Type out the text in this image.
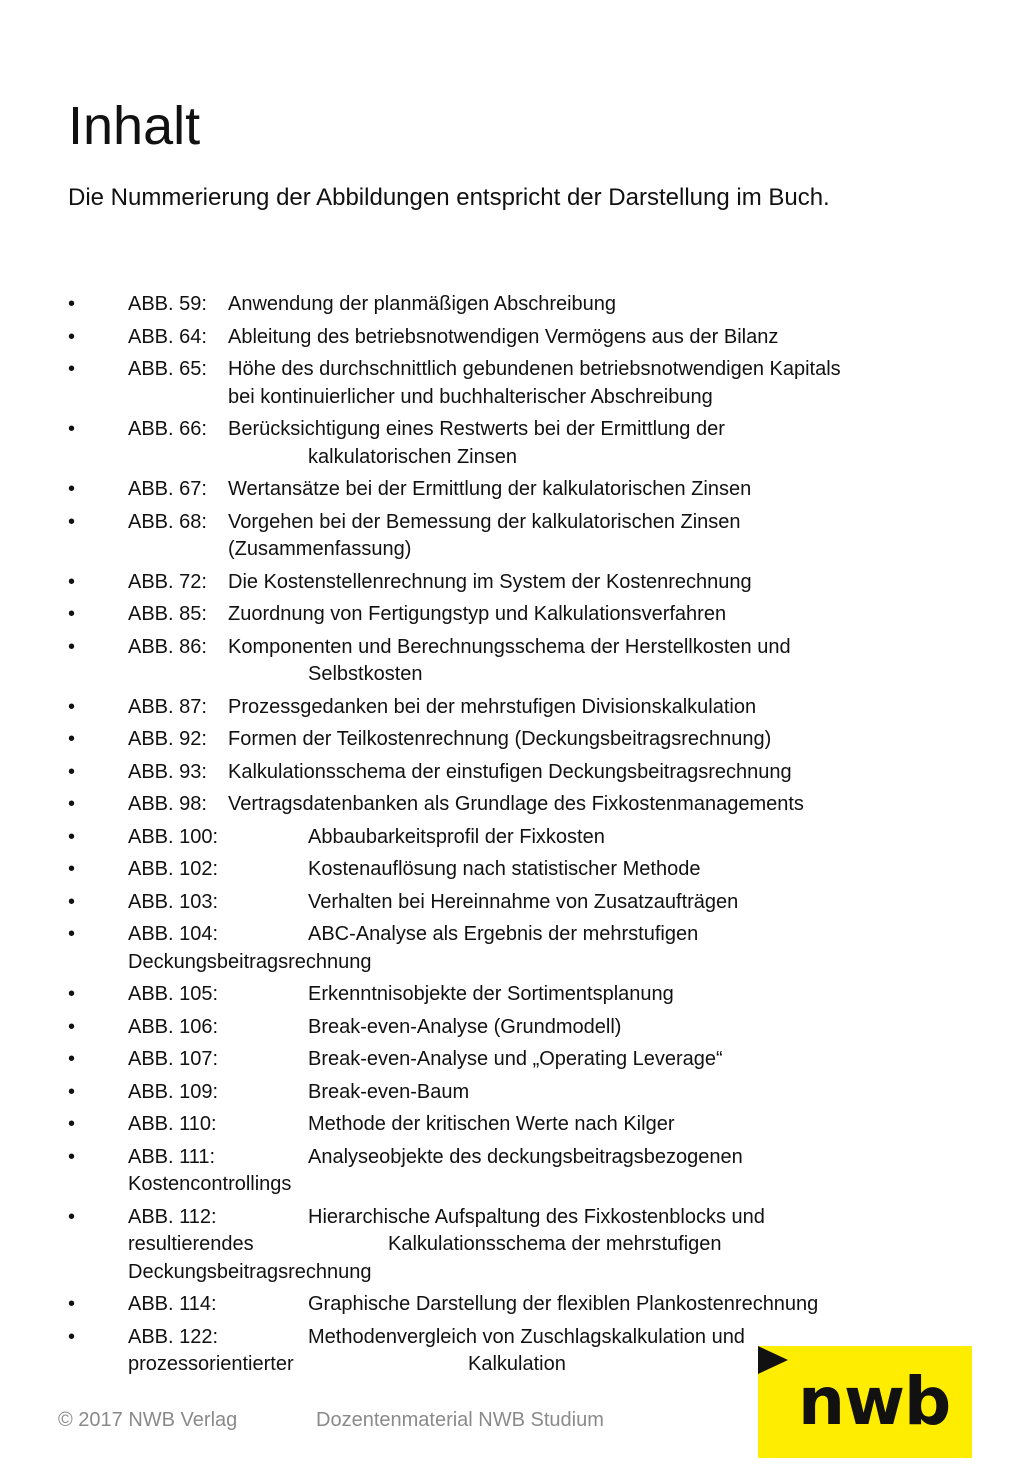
Inhalt

Die Nummerierung der Abbildungen entspricht der Darstellung im Buch.

•	ABB. 59: Anwendung der planmäßigen Abschreibung
•	ABB. 64: Ableitung des betriebsnotwendigen Vermögens aus der Bilanz
•	ABB. 65: Höhe des durchschnittlich gebundenen betriebsnotwendigen Kapitals
bei kontinuierlicher und buchhalterischer Abschreibung
•	ABB. 66: Berücksichtigung eines Restwerts bei der Ermittlung der
kalkulatorischen Zinsen
•	ABB. 67: Wertansätze bei der Ermittlung der kalkulatorischen Zinsen
•	ABB. 68: Vorgehen bei der Bemessung der kalkulatorischen Zinsen
(Zusammenfassung)
•	ABB. 72: Die Kostenstellenrechnung im System der Kostenrechnung
•	ABB. 85: Zuordnung von Fertigungstyp und Kalkulationsverfahren
•	ABB. 86: Komponenten und Berechnungsschema der Herstellkosten und
Selbstkosten
•	ABB. 87: Prozessgedanken bei der mehrstufigen Divisionskalkulation
•	ABB. 92: Formen der Teilkostenrechnung (Deckungsbeitragsrechnung)
•	ABB. 93: Kalkulationsschema der einstufigen Deckungsbeitragsrechnung
•	ABB. 98: Vertragsdatenbanken als Grundlage des Fixkostenmanagements
•	ABB. 100:	Abbaubarkeitsprofil der Fixkosten
•	ABB. 102:	Kostenauflösung nach statistischer Methode
•	ABB. 103:	Verhalten bei Hereinnahme von Zusatzaufträgen
•	ABB. 104:	ABC-Analyse als Ergebnis der mehrstufigen
Deckungsbeitragsrechnung
•	ABB. 105:	Erkenntnisobjekte der Sortimentsplanung
•	ABB. 106:	Break-even-Analyse (Grundmodell)
•	ABB. 107:	Break-even-Analyse und „Operating Leverage“
•	ABB. 109:	Break-even-Baum
•	ABB. 110:	Methode der kritischen Werte nach Kilger
•	ABB. 111:	Analyseobjekte des deckungsbeitragsbezogenen
Kostencontrollings
•	ABB. 112:	Hierarchische Aufspaltung des Fixkostenblocks und
resultierendes	Kalkulationsschema der mehrstufigen
Deckungsbeitragsrechnung
•	ABB. 114:	Graphische Darstellung der flexiblen Plankostenrechnung
•	ABB. 122:	Methodenvergleich von Zuschlagskalkulation und
prozessorientierter	Kalkulation
© 2017 NWB Verlag	Dozentenmaterial NWB Studium	nwb
